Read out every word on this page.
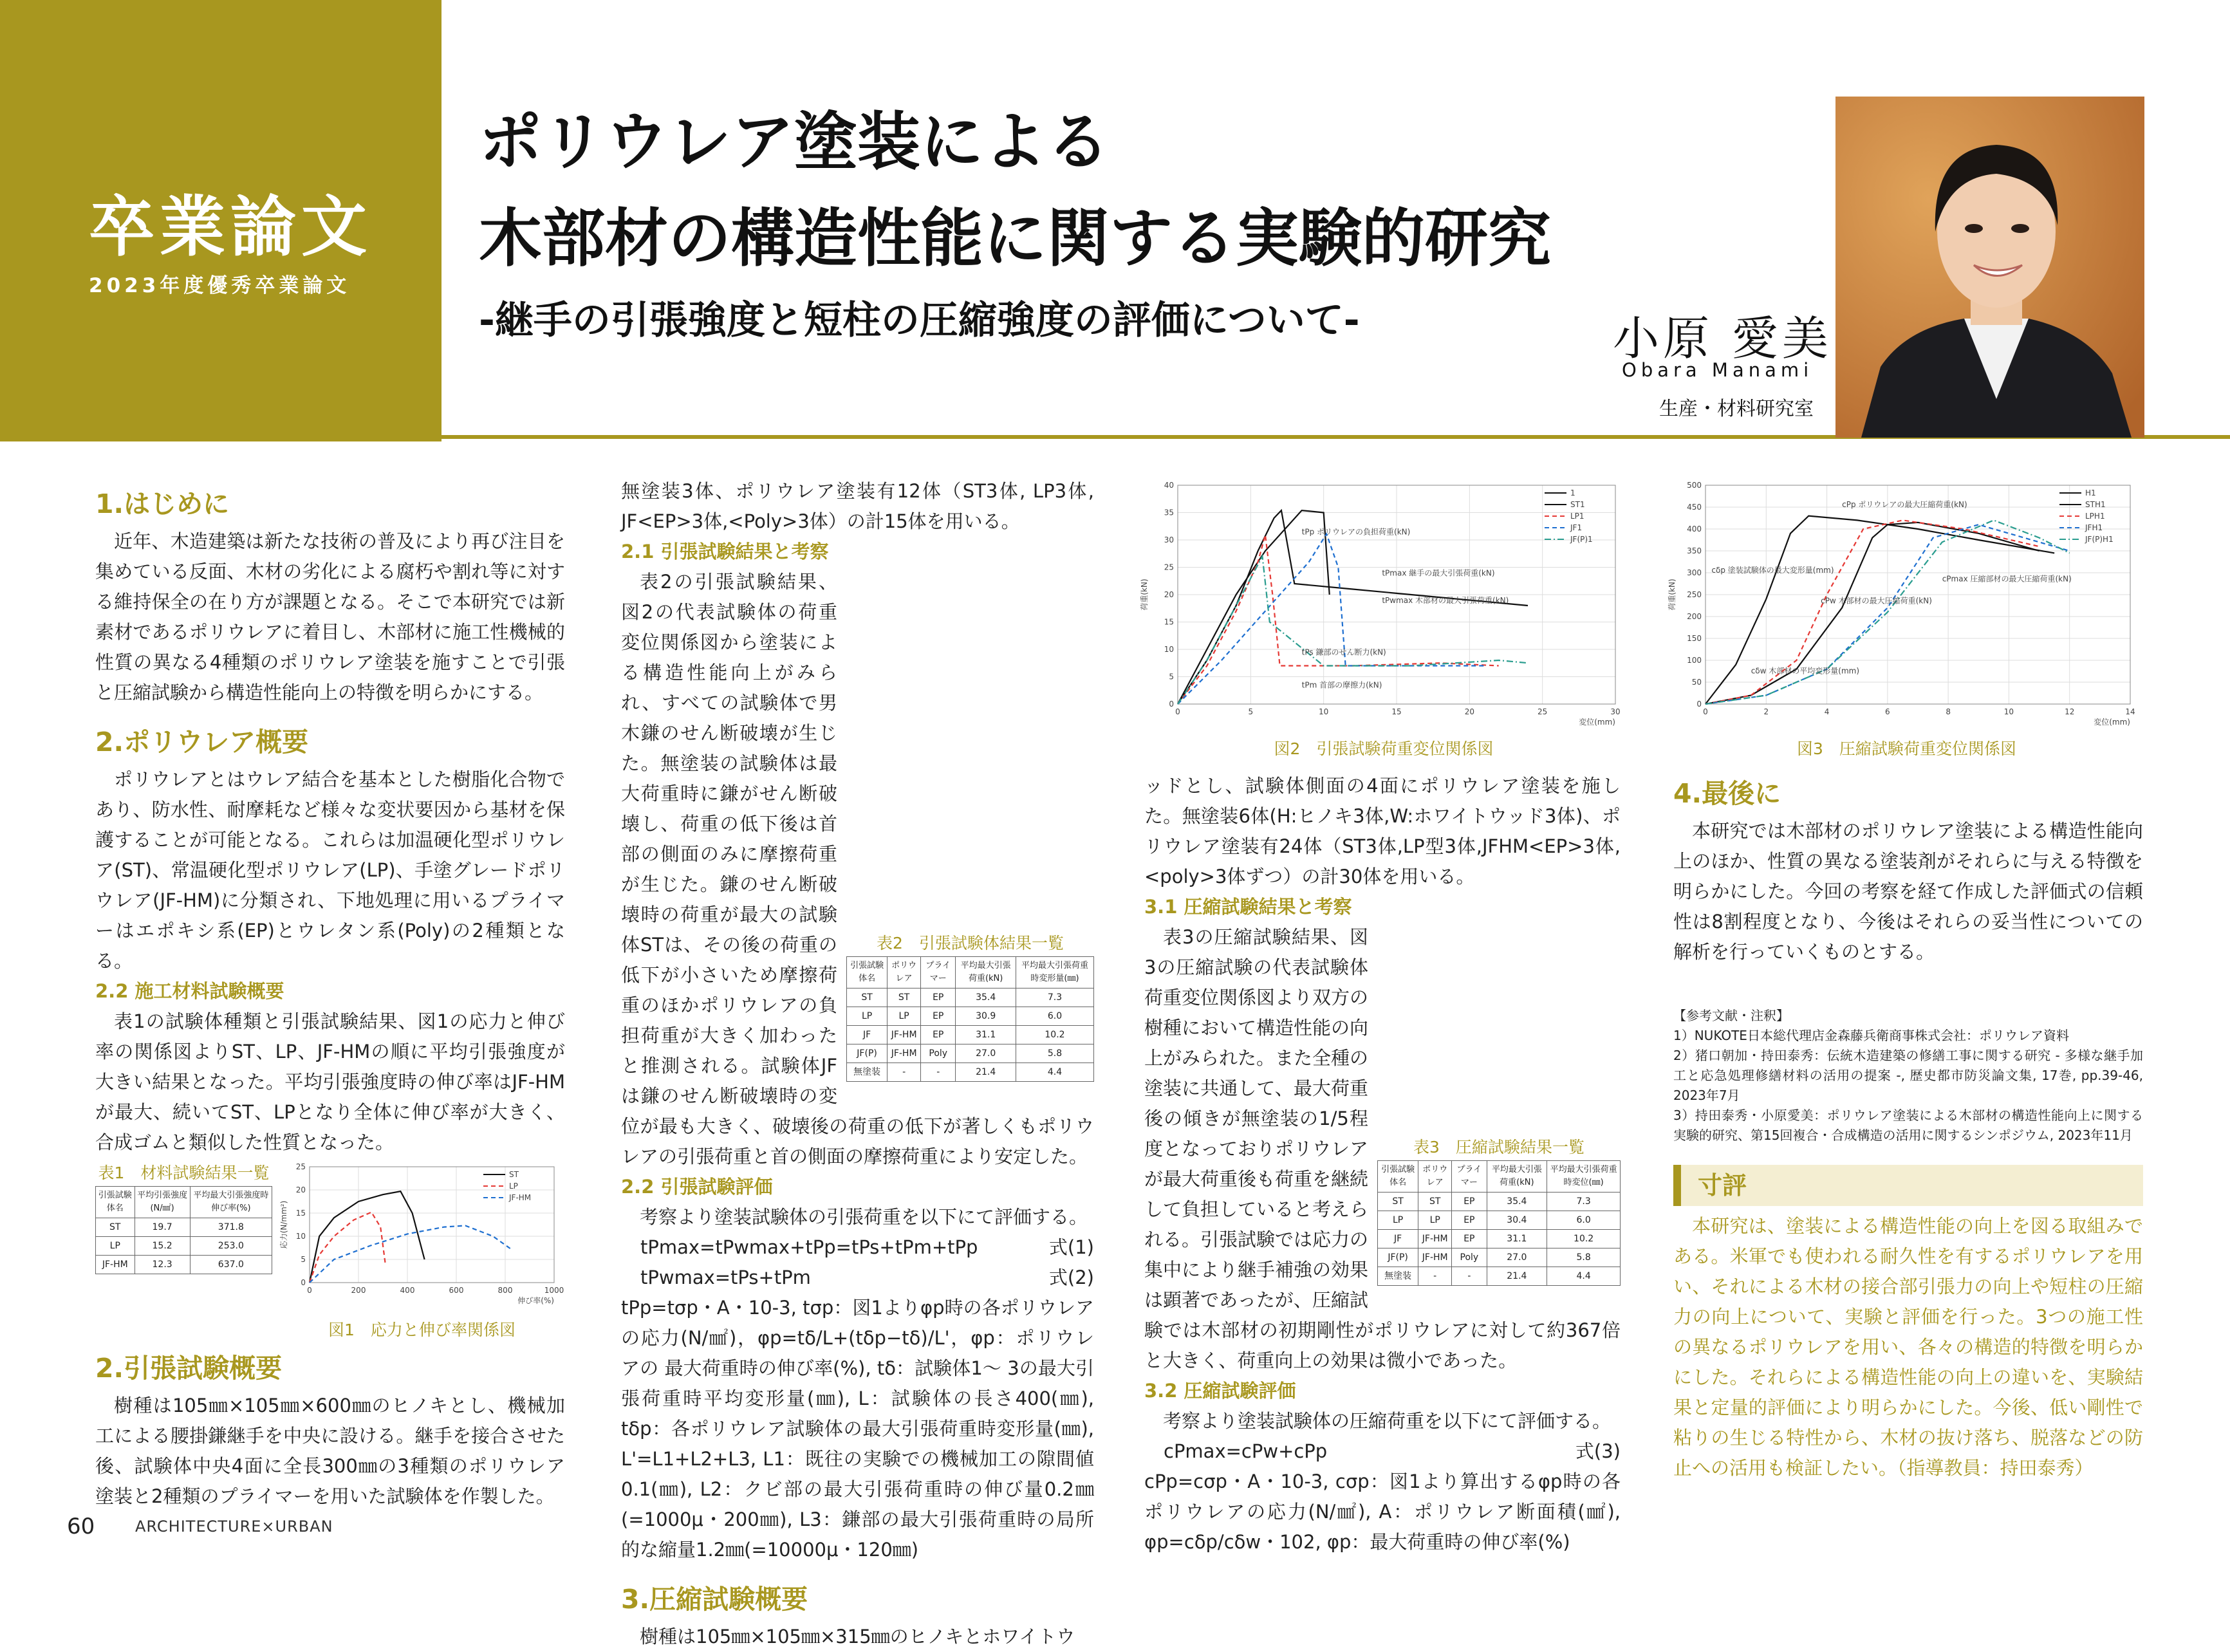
卒業論文
2023年度優秀卒業論文
ポリウレア塗装による
木部材の構造性能に関する実験的研究
-継手の引張強度と短柱の圧縮強度の評価について-	小原 愛美
Obara Manami
生産・材料研究室
1.はじめに
近年、木造建築は新たな技術の普及により再び注目を集めている反面、木材の劣化による腐朽や割れ等に対する維持保全の在り方が課題となる。そこで本研究では新素材であるポリウレアに着目し、木部材に施工性機械的性質の異なる4種類のポリウレア塗装を施すことで引張と圧縮試験から構造性能向上の特徴を明らかにする。
2.ポリウレア概要
ポリウレアとはウレア結合を基本とした樹脂化合物であり、防水性、耐摩耗など様々な変状要因から基材を保護することが可能となる。これらは加温硬化型ポリウレア(ST)、常温硬化型ポリウレア(LP)、手塗グレードポリウレア(JF-HM)に分類され、下地処理に用いるプライマーはエポキシ系(EP)とウレタン系(Poly)の2種類となる。
2.2 施工材料試験概要
表1の試験体種類と引張試験結果、図1の応力と伸び率の関係図よりST、LP、JF-HMの順に平均引張強度が大きい結果となった。平均引張強度時の伸び率はJF-HMが最大、続いてST、LPとなり全体に伸び率が大きく、合成ゴムと類似した性質となった。
表1　材料試験結果一覧
引張試験体名	平均引張強度(N/㎟)	平均最大引張強度時伸び率(%)
ST	19.7	371.8
LP	15.2	253.0
JF-HM	12.3	637.0
0
5
10
15
20
25
0	200	400	600	800	1000
伸び率(%)
応力(N/mm²)
ST
LP
JF-HM
図1　応力と伸び率関係図
2.引張試験概要
樹種は105㎜×105㎜×600㎜のヒノキとし、機械加工による腰掛鎌継手を中央に設ける。継手を接合させた後、試験体中央4面に全長300㎜の3種類のポリウレア塗装と2種類のプライマーを用いた試験体を作製した。
無塗装3体、ポリウレア塗装有12体（ST3体, LP3体, JF<EP>3体,<Poly>3体）の計15体を用いる。
2.1 引張試験結果と考察
表2　引張試験体結果一覧
引張試験体名	ポリウレア	プライマー	平均最大引張荷重(kN)	平均最大引張荷重時変形量(㎜)
ST	ST	EP	35.4	7.3
LP	LP	EP	30.9	6.0
JF	JF-HM	EP	31.1	10.2
JF(P)	JF-HM	Poly	27.0	5.8
無塗装	-	-	21.4	4.4
表2の引張試験結果、図2の代表試験体の荷重変位関係図から塗装による構造性能向上がみられ、すべての試験体で男木鎌のせん断破壊が生じた。無塗装の試験体は最大荷重時に鎌がせん断破壊し、荷重の低下後は首部の側面のみに摩擦荷重が生じた。鎌のせん断破壊時の荷重が最大の試験体STは、その後の荷重の低下が小さいため摩擦荷重のほかポリウレアの負担荷重が大きく加わったと推測される。試験体JFは鎌のせん断破壊時の変位が最も大きく、破壊後の荷重の低下が著しくもポリウレアの引張荷重と首の側面の摩擦荷重により安定した。
2.2 引張試験評価
考察より塗装試験体の引張荷重を以下にて評価する。
tPmax=tPwmax+tPp=tPs+tPm+tPp	式(1)
tPwmax=tPs+tPm	式(2)
tPp=tσp・A・10-3, tσp：図1よりφp時の各ポリウレアの応力(N/㎟)，φp=tδ/L+(tδp−tδ)/L'，φp：ポリウレアの 最大荷重時の伸び率(%), tδ：試験体1～ 3の最大引張荷重時平均変形量(㎜), L：試験体の長さ400(㎜), tδp：各ポリウレア試験体の最大引張荷重時変形量(㎜), L'=L1+L2+L3, L1：既往の実験での機械加工の隙間値0.1(㎜), L2：クビ部の最大引張荷重時の伸び量0.2㎜(=1000μ・200㎜), L3：鎌部の最大引張荷重時の局所的な縮量1.2㎜(=10000μ・120㎜)
3.圧縮試験概要
樹種は105㎜×105㎜×315㎜のヒノキとホワイトウ
0
5
10
15
20
25
30
35
40
0	5	10	15	20	25	30
変位(mm)
荷重(kN)
1
ST1
LP1
JF1
JF(P)1
tPp ポリウレアの負担荷重(kN)
tPmax 継手の最大引張荷重(kN)
tPwmax 木部材の最大引張荷重(kN)
tPs 鎌部のせん断力(kN)
tPm 首部の摩擦力(kN)
図2　引張試験荷重変位関係図
ッドとし、試験体側面の4面にポリウレア塗装を施した。無塗装6体(H:ヒノキ3体,W:ホワイトウッド3体)、ポリウレア塗装有24体（ST3体,LP型3体,JFHM<EP>3体,<poly>3体ずつ）の計30体を用いる。
3.1 圧縮試験結果と考察
表3　圧縮試験結果一覧
引張試験体名	ポリウレア	プライマー	平均最大引張荷重(kN)	平均最大引張荷重時変位(㎜)
ST	ST	EP	35.4	7.3
LP	LP	EP	30.4	6.0
JF	JF-HM	EP	31.1	10.2
JF(P)	JF-HM	Poly	27.0	5.8
無塗装	-	-	21.4	4.4
表3の圧縮試験結果、図3の圧縮試験の代表試験体荷重変位関係図より双方の樹種において構造性能の向上がみられた。また全種の塗装に共通して、最大荷重後の傾きが無塗装の1/5程度となっておりポリウレアが最大荷重後も荷重を継続して負担していると考えられる。引張試験では応力の集中により継手補強の効果は顕著であったが、圧縮試験では木部材の初期剛性がポリウレアに対して約367倍と大きく、荷重向上の効果は微小であった。
3.2 圧縮試験評価
考察より塗装試験体の圧縮荷重を以下にて評価する。
cPmax=cPw+cPp	式(3)
cPp=cσp・A・10-3, cσp：図1より算出するφp時の各ポリウレアの応力(N/㎟), A：ポリウレア断面積(㎟), φp=cδp/cδw・102, φp：最大荷重時の伸び率(%)
0
50
100
150
200
250
300
350
400
450
500
0	2	4	6	8	10	12	14
変位(mm)
荷重(kN)
H1
STH1
LPH1
JFH1
JF(P)H1
cPp ポリウレアの最大圧縮荷重(kN)
cδp 塗装試験体の最大変形量(mm)
cPw 木部材の最大圧縮荷重(kN)
cPmax 圧縮部材の最大圧縮荷重(kN)
cδw 木部材の平均変形量(mm)
図3　圧縮試験荷重変位関係図
4.最後に
本研究では木部材のポリウレア塗装による構造性能向上のほか、性質の異なる塗装剤がそれらに与える特徴を明らかにした。今回の考察を経て作成した評価式の信頼性は8割程度となり、今後はそれらの妥当性についての解析を行っていくものとする。
【参考文献・注釈】
1）NUKOTE日本総代理店金森藤兵衛商事株式会社：ポリウレア資料
2）猪口朝加・持田泰秀：伝統木造建築の修繕工事に関する研究 - 多様な継手加工と応急処理修繕材料の活用の提案 -, 歴史都市防災論文集, 17巻, pp.39-46, 2023年7月
3）持田泰秀・小原愛美：ポリウレア塗装による木部材の構造性能向上に関する実験的研究、第15回複合・合成構造の活用に関するシンポジウム, 2023年11月
寸評
本研究は、塗装による構造性能の向上を図る取組みである。米軍でも使われる耐久性を有するポリウレアを用い、それによる木材の接合部引張力の向上や短柱の圧縮力の向上について、実験と評価を行った。3つの施工性の異なるポリウレアを用い、各々の構造的特徴を明らかにした。それらによる構造性能の向上の違いを、実験結果と定量的評価により明らかにした。今後、低い剛性で粘りの生じる特性から、木材の抜け落ち、脱落などの防止への活用も検証したい。（指導教員：持田泰秀）
60	ARCHITECTURE×URBAN
